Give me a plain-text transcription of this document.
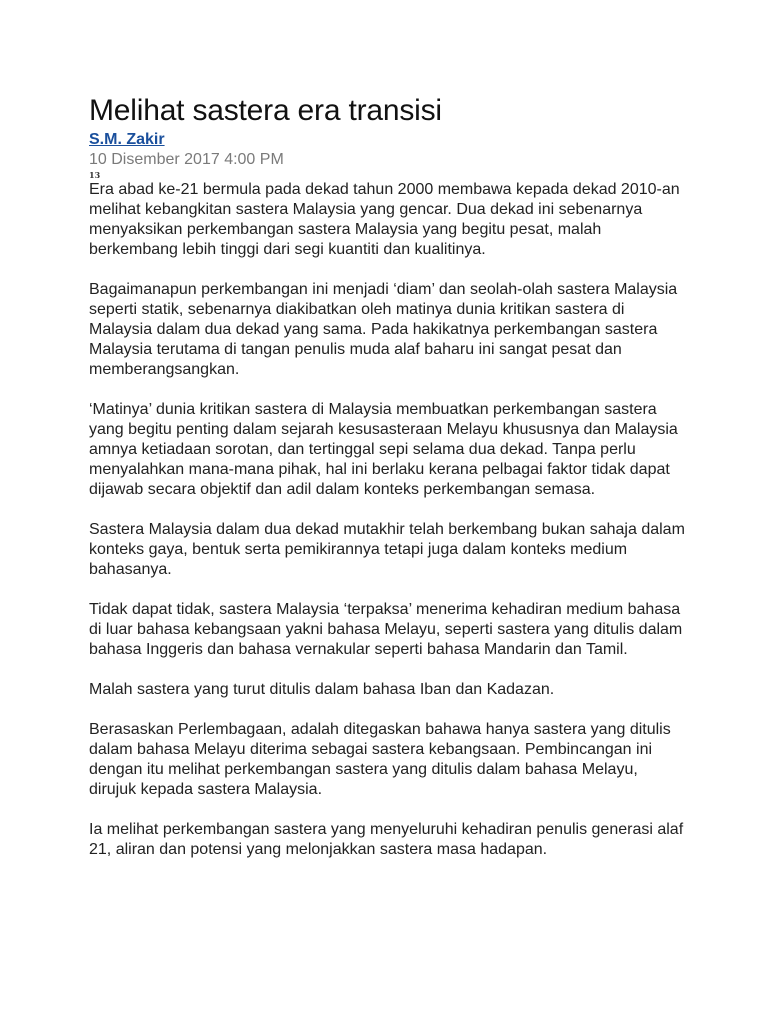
Melihat sastera era transisi
S.M. Zakir
10 Disember 2017 4:00 PM
13

Era abad ke-21 bermula pada dekad tahun 2000 membawa kepada dekad 2010-an melihat kebangkitan sastera Malaysia yang gencar. Dua dekad ini sebenarnya menyaksikan perkembangan sastera Malaysia yang begitu pesat, malah berkembang lebih tinggi dari segi kuantiti dan kualitinya.

Bagaimanapun perkembangan ini menjadi ‘diam’ dan seolah-olah sastera Malaysia seperti statik, sebenarnya diakibatkan oleh matinya dunia kritikan sastera di Malaysia dalam dua dekad yang sama. Pada hakikatnya perkembangan sastera Malaysia terutama di tangan penulis muda alaf baharu ini sangat pesat dan memberangsangkan.

‘Matinya’ dunia kritikan sastera di Malaysia membuatkan perkembangan sastera yang begitu penting dalam sejarah kesusasteraan Melayu khususnya dan Malaysia amnya ketiadaan sorotan, dan tertinggal sepi selama dua dekad. Tanpa perlu menyalahkan mana-mana pihak, hal ini berlaku kerana pelbagai faktor tidak dapat dijawab secara objektif dan adil dalam konteks perkembangan semasa.

Sastera Malaysia dalam dua dekad mutakhir telah berkembang bukan sahaja dalam konteks gaya, bentuk serta pemikirannya tetapi juga dalam konteks medium bahasanya.

Tidak dapat tidak, sastera Malaysia ‘terpaksa’ menerima kehadiran medium bahasa di luar bahasa kebangsaan yakni bahasa Melayu, seperti sastera yang ditulis dalam bahasa Inggeris dan bahasa vernakular seperti bahasa Mandarin dan Tamil.

Malah sastera yang turut ditulis dalam bahasa Iban dan Kadazan.

Berasaskan Perlembagaan, adalah ditegaskan bahawa hanya sastera yang ditulis dalam bahasa Melayu diterima sebagai sastera kebangsaan. Pembincangan ini dengan itu melihat perkembangan sastera yang ditulis dalam bahasa Melayu, dirujuk kepada sastera Malaysia.

Ia melihat perkembangan sastera yang menyeluruhi kehadiran penulis generasi alaf 21, aliran dan potensi yang melonjakkan sastera masa hadapan.
